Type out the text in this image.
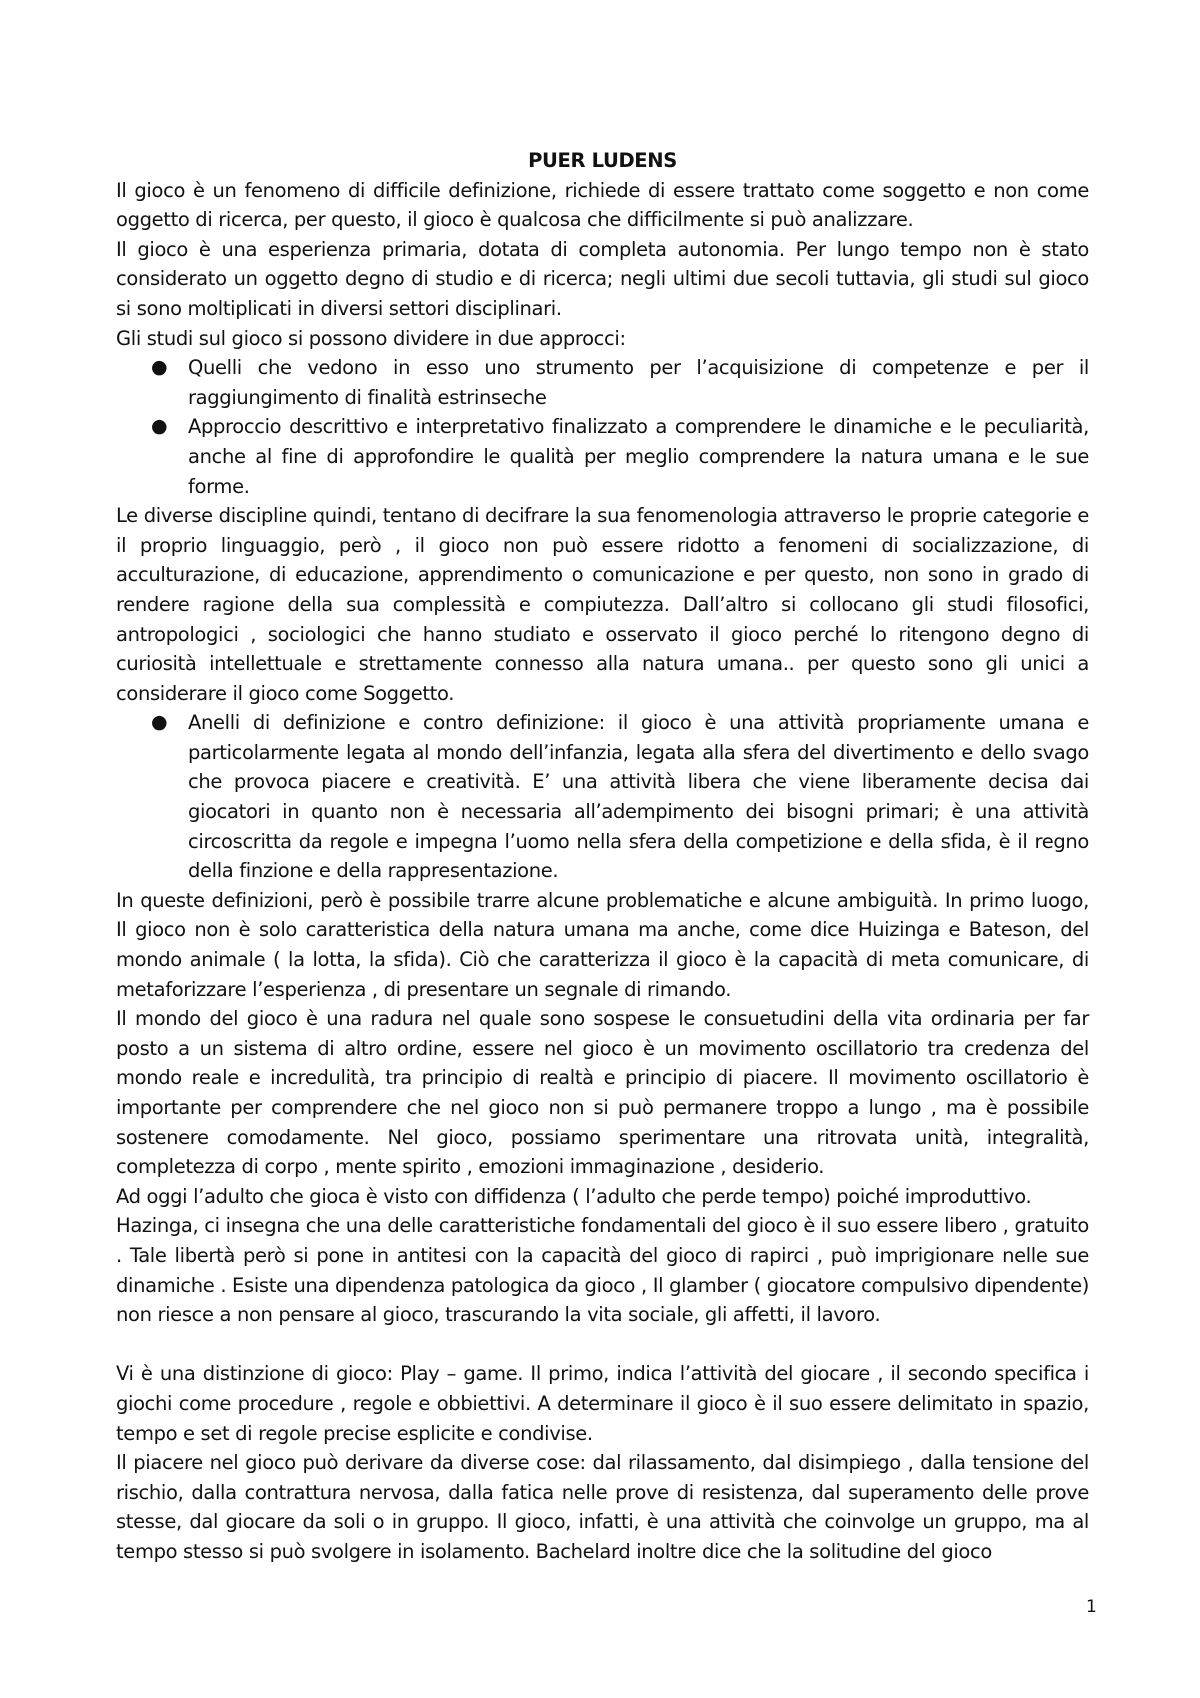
PUER LUDENS

Il gioco è un fenomeno di difficile definizione, richiede di essere trattato come soggetto e non come oggetto di ricerca, per questo, il gioco è qualcosa che difficilmente si può analizzare.

Il gioco è una esperienza primaria, dotata di completa autonomia. Per lungo tempo non è stato considerato un oggetto degno di studio e di ricerca; negli ultimi due secoli tuttavia, gli studi sul gioco si sono moltiplicati in diversi settori disciplinari.

Gli studi sul gioco si possono dividere in due approcci:

● Quelli che vedono in esso uno strumento per l’acquisizione di competenze e per il raggiungimento di finalità estrinseche
● Approccio descrittivo e interpretativo finalizzato a comprendere le dinamiche e le peculiarità, anche al fine di approfondire le qualità per meglio comprendere la natura umana e le sue forme.

Le diverse discipline quindi, tentano di decifrare la sua fenomenologia attraverso le proprie categorie e il proprio linguaggio, però , il gioco non può essere ridotto a fenomeni di socializzazione, di acculturazione, di educazione, apprendimento o comunicazione e per questo, non sono in grado di rendere ragione della sua complessità e compiutezza. Dall’altro si collocano gli studi filosofici, antropologici , sociologici che hanno studiato e osservato il gioco perché lo ritengono degno di curiosità intellettuale e strettamente connesso alla natura umana.. per questo sono gli unici a considerare il gioco come Soggetto.

● Anelli di definizione e contro definizione: il gioco è una attività propriamente umana e particolarmente legata al mondo dell’infanzia, legata alla sfera del divertimento e dello svago che provoca piacere e creatività. E’ una attività libera che viene liberamente decisa dai giocatori in quanto non è necessaria all’adempimento dei bisogni primari; è una attività circoscritta da regole e impegna l’uomo nella sfera della competizione e della sfida, è il regno della finzione e della rappresentazione.

In queste definizioni, però è possibile trarre alcune problematiche e alcune ambiguità. In primo luogo, Il gioco non è solo caratteristica della natura umana ma anche, come dice Huizinga e Bateson, del mondo animale ( la lotta, la sfida). Ciò che caratterizza il gioco è la capacità di meta comunicare, di metaforizzare l’esperienza , di presentare un segnale di rimando.

Il mondo del gioco è una radura nel quale sono sospese le consuetudini della vita ordinaria per far posto a un sistema di altro ordine, essere nel gioco è un movimento oscillatorio tra credenza del mondo reale e incredulità, tra principio di realtà e principio di piacere. Il movimento oscillatorio è importante per comprendere che nel gioco non si può permanere troppo a lungo , ma è possibile sostenere comodamente. Nel gioco, possiamo sperimentare una ritrovata unità, integralità, completezza di corpo , mente spirito , emozioni immaginazione , desiderio.

Ad oggi l’adulto che gioca è visto con diffidenza ( l’adulto che perde tempo) poiché improduttivo.

Hazinga, ci insegna che una delle caratteristiche fondamentali del gioco è il suo essere libero , gratuito . Tale libertà però si pone in antitesi con la capacità del gioco di rapirci , può imprigionare nelle sue dinamiche . Esiste una dipendenza patologica da gioco , Il glamber ( giocatore compulsivo dipendente) non riesce a non pensare al gioco, trascurando la vita sociale, gli affetti, il lavoro.

Vi è una distinzione di gioco: Play – game. Il primo, indica l’attività del giocare , il secondo specifica i giochi come procedure , regole e obbiettivi. A determinare il gioco è il suo essere delimitato in spazio, tempo e set di regole precise esplicite e condivise.

Il piacere nel gioco può derivare da diverse cose: dal rilassamento, dal disimpiego , dalla tensione del rischio, dalla contrattura nervosa, dalla fatica nelle prove di resistenza, dal superamento delle prove stesse, dal giocare da soli o in gruppo. Il gioco, infatti, è una attività che coinvolge un gruppo, ma al tempo stesso si può svolgere in isolamento. Bachelard inoltre dice che la solitudine del gioco

1
